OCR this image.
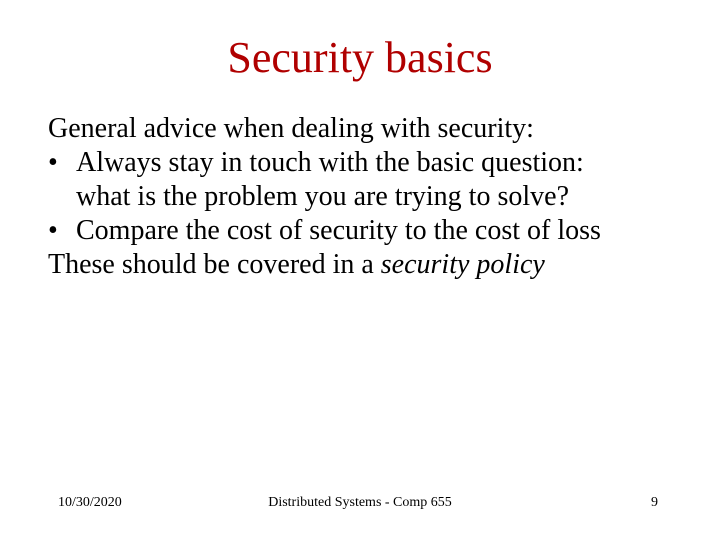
Security basics
General advice when dealing with security:
• Always stay in touch with the basic question:
what is the problem you are trying to solve?
• Compare the cost of security to the cost of loss
These should be covered in a security policy
10/30/2020	Distributed Systems - Comp 655	9
